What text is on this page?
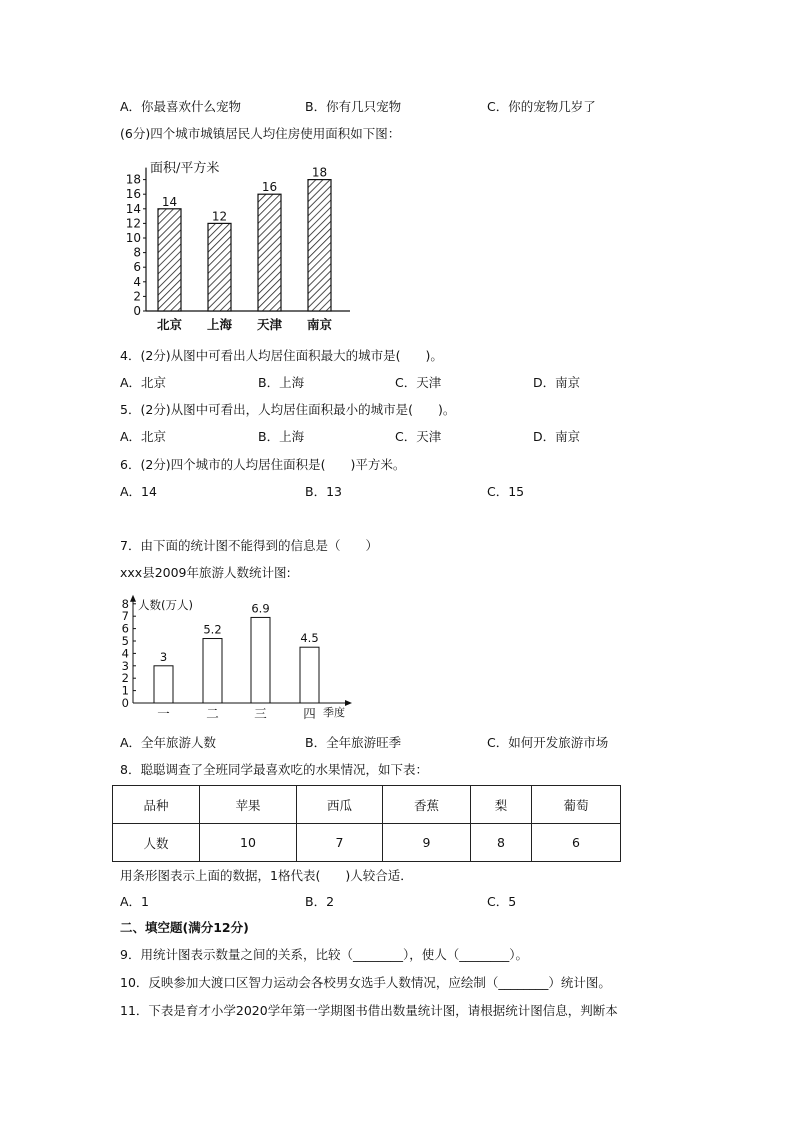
A．你最喜欢什么宠物	B．你有几只宠物	C．你的宠物几岁了
(6分)四个城市城镇居民人均住房使用面积如下图：
0
2
4
6
8
10
12
14
16
18
14
北京
12
上海
16
天津
18
南京
0
1
2
3
4
5
6
7
8
3
一
5.2
二
6.9
三
4.5
四
面积/平方米
4．(2分)从图中可看出人均居住面积最大的城市是(　　)。
A．北京	B．上海	C．天津	D．南京
5．(2分)从图中可看出，人均居住面积最小的城市是(　　)。
A．北京	B．上海	C．天津	D．南京
6．(2分)四个城市的人均居住面积是(　　)平方米。
A．14	B．13	C．15
7．由下面的统计图不能得到的信息是（　　）
xxx县2009年旅游人数统计图:
人数(万人)
季度
A．全年旅游人数	B．全年旅游旺季	C．如何开发旅游市场
8．聪聪调查了全班同学最喜欢吃的水果情况，如下表：
品种	苹果	西瓜	香蕉	梨	葡萄
人数	10	7	9	8	6
用条形图表示上面的数据，1格代表(　　)人较合适．
A．1	B．2	C．5
二、填空题(满分12分)
9．用统计图表示数量之间的关系，比较（________），使人（________）。
10．反映参加大渡口区智力运动会各校男女选手人数情况，应绘制（________）统计图。
11．下表是育才小学2020学年第一学期图书借出数量统计图，请根据统计图信息，判断本
